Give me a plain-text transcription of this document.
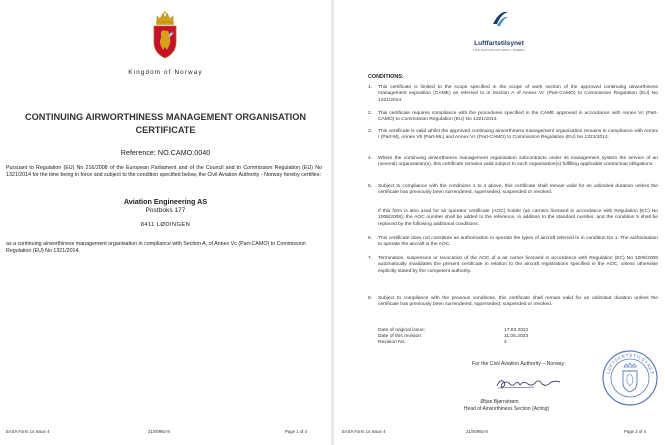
Kingdom of Norway
CONTINUING AIRWORTHINESS MANAGEMENT ORGANISATION
CERTIFICATE
Reference: NO.CAMO.0040
Pursuant to Regulation (EU) No 216/2008 of the European Parliament and of the Council and to Commission Regulation (EU) No 1321/2014 for the time being in force and subject to the condition specified below, the Civil Aviation Authority - Norway hereby certifies:
Aviation Engineering AS
Postboks 177
8411 LØDINGEN
as a continuing airworthiness management organisation in compliance with Section A, of Annex Vc (Part-CAMO) to Commission Regulation (EU) No 1321/2014.
EASA Form 14 Issue 4	21/00992-8	Page 1 of 4
Luftfartstilsynet
CIVIL AVIATION AUTHORITY NORWAY
CONDITIONS:
1. This certificate is limited to the scope specified in the scope of work section of the approved continuing airworthiness management exposition (CAME) as referred to in Section A of Annex Vc (Part-CAMO) to Commission Regulation (EU) No 1321/2014.
2. This certificate requires compliance with the procedures specified in the CAME approved in accordance with Annex Vc (Part-CAMO) to Commission Regulation (EU) No 1321/2014.
3. This certificate is valid whilst the approved continuing airworthiness management organisation remains in compliance with Annex I (Part-M), Annex Vb (Part-ML) and Annex Vc (Part-CAMO) to Commission Regulation (EU) No 1321/2014.
4. Where the continuing airworthiness management organisation subcontracts under its management system the service of an (several) organisation(s), this certificate remains valid subject to such organisation(s) fulfilling applicable contractual obligations.
5. Subject to compliance with the conditions 1 to 4 above, this certificate shall remain valid for an unlimited duration unless the certificate has previously been surrendered, superseded, suspended or revoked.
If this form is also used for air operator certificate (AOC) holder (air carriers licensed in accordance with Regulation (EC) No 1008/2008), the AOC number shall be added to the reference, in addition to the standard number, and the condition 5 shall be replaced by the following additional conditions:
6. This certificate does not constitute an authorisation to operate the types of aircraft referred to in condition No 1. The authorisation to operate the aircraft is the AOC.
7. Termination, suspension or revocation of the AOC of a air carrier licensed in accordance with Regulation (EC) No 1008/2008 automatically invalidates the present certificate in relation to the aircraft registrations specified in the AOC, unless otherwise explicitly stated by the competent authority.
8. Subject to compliance with the previous conditions, this certificate shall remain valid for an unlimited duration unless the certificate has previously been surrendered, superseded, suspended or revoked.
Date of original issue:	17.03.2021
Date of this revision:	11.05.2023
Revision No.	4
For the Civil Aviation Authority – Norway
Øtjan Bjørnstrøm
Head of Airworthiness Section (Acting)
LUFTFARTSTILSYNET
EASA Form 14 Issue 4	21/00992-8	Page 2 of 4
